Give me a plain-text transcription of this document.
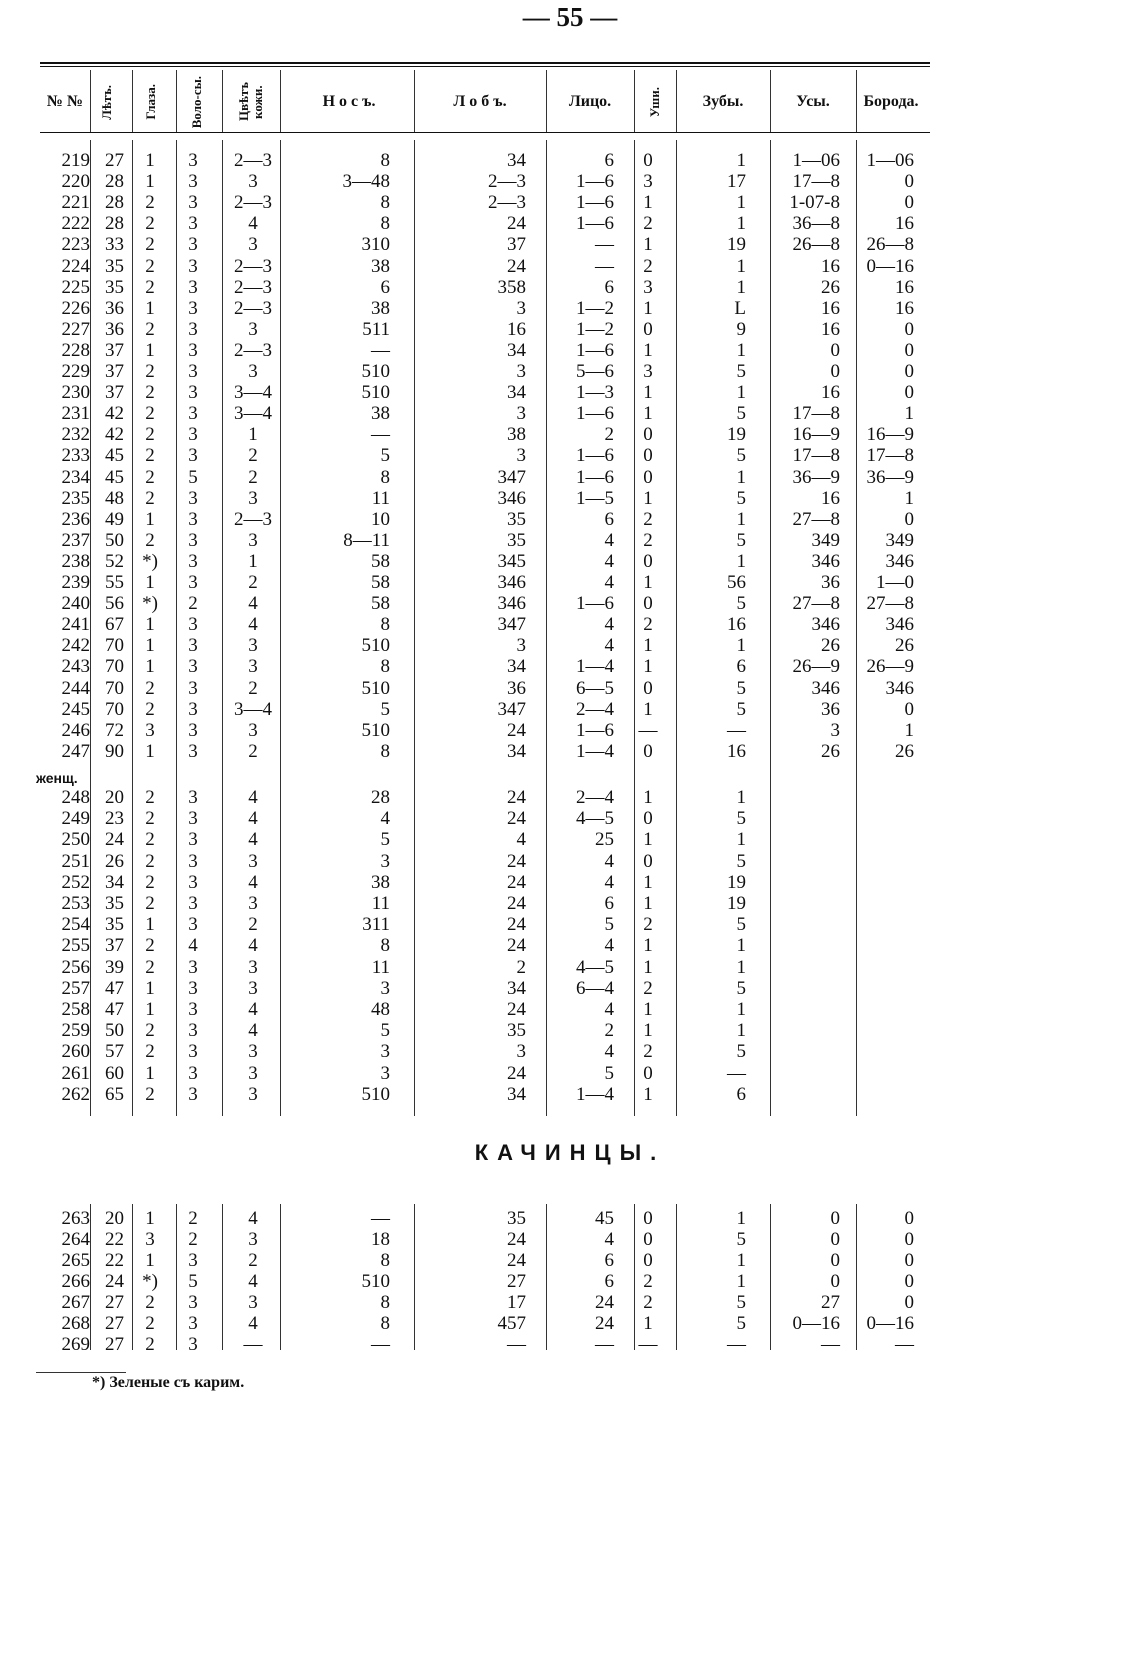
— 55 —
№ № Лѣтъ. Глаза. Воло-сы. Цвѣтъ кожи.	Н о с ъ.	Л о б ъ.	Лицо.	Уши.	Зубы.	Усы. Борода.
219 27	1	3	2—3	8	34	6	0	1	1—06	1—06
220 28	1	3	3	3—48	2—3	1—6	3	17	17—8	0
221 28	2	3	2—3	8	2—3	1—6	1	1	1-07-8	0
222 28	2	3	4	8	24	1—6	2	1	36—8	16
223 33	2	3	3	310	37	—	1	19	26—8	26—8
224 35	2	3	2—3	38	24	—	2	1	16	0—16
225 35	2	3	2—3	6	358	6	3	1	26	16
226 36	1	3	2—3	38	3	1—2	1	L	16	16
227 36	2	3	3	511	16	1—2	0	9	16	0
228 37	1	3	2—3	—	34	1—6	1	1	0	0
229 37	2	3	3	510	3	5—6	3	5	0	0
230 37	2	3	3—4	510	34	1—3	1	1	16	0
231 42	2	3	3—4	38	3	1—6	1	5	17—8	1
232 42	2	3	1	—	38	2	0	19	16—9	16—9
233 45	2	3	2	5	3	1—6	0	5	17—8	17—8
234 45	2	5	2	8	347	1—6	0	1	36—9	36—9
235 48	2	3	3	11	346	1—5	1	5	16	1
236 49	1	3	2—3	10	35	6	2	1	27—8	0
237 50	2	3	3	8—11	35	4	2	5	349	349
238 52 *)	3	1	58	345	4	0	1	346	346
239 55	1	3	2	58	346	4	1	56	36	1—0
240 56 *)	2	4	58	346	1—6	0	5	27—8	27—8
241 67	1	3	4	8	347	4	2	16	346	346
242 70	1	3	3	510	3	4	1	1	26	26
243 70	1	3	3	8	34	1—4	1	6	26—9	26—9
244 70	2	3	2	510	36	6—5	0	5	346	346
245 70	2	3	3—4	5	347	2—4	1	5	36	0
246 72	3	3	3	510	24	1—6	—	—	3	1
247 90	1	3	2	8	34	1—4	0	16	26	26
248 20	2	3	4	28	24	2—4	1	1
249 23	2	3	4	4	24	4—5	0	5
250 24	2	3	4	5	4	25	1	1
251 26	2	3	3	3	24	4	0	5
252 34	2	3	4	38	24	4	1	19
253 35	2	3	3	11	24	6	1	19
254 35	1	3	2	311	24	5	2	5
255 37	2	4	4	8	24	4	1	1
256 39	2	3	3	11	2	4—5	1	1
257 47	1	3	3	3	34	6—4	2	5
258 47	1	3	4	48	24	4	1	1
259 50	2	3	4	5	35	2	1	1
260 57	2	3	3	3	3	4	2	5
261 60	1	3	3	3	24	5	0	—
262 65	2	3	3	510	34	1—4	1	6
263 20	1	2	4	—	35	45	0	1	0	0
264 22	3	2	3	18	24	4	0	5	0	0
265 22	1	3	2	8	24	6	0	1	0	0
266 24 *)	5	4	510	27	6	2	1	0	0
267 27	2	3	3	8	17	24	2	5	27	0
268 27	2	3	4	8	457	24	1	5	0—16	0—16
269 27	2	3	—	—	—	—	—	—	—	—
женщ.
КАЧИНЦЫ.
*) Зеленые съ карим.
